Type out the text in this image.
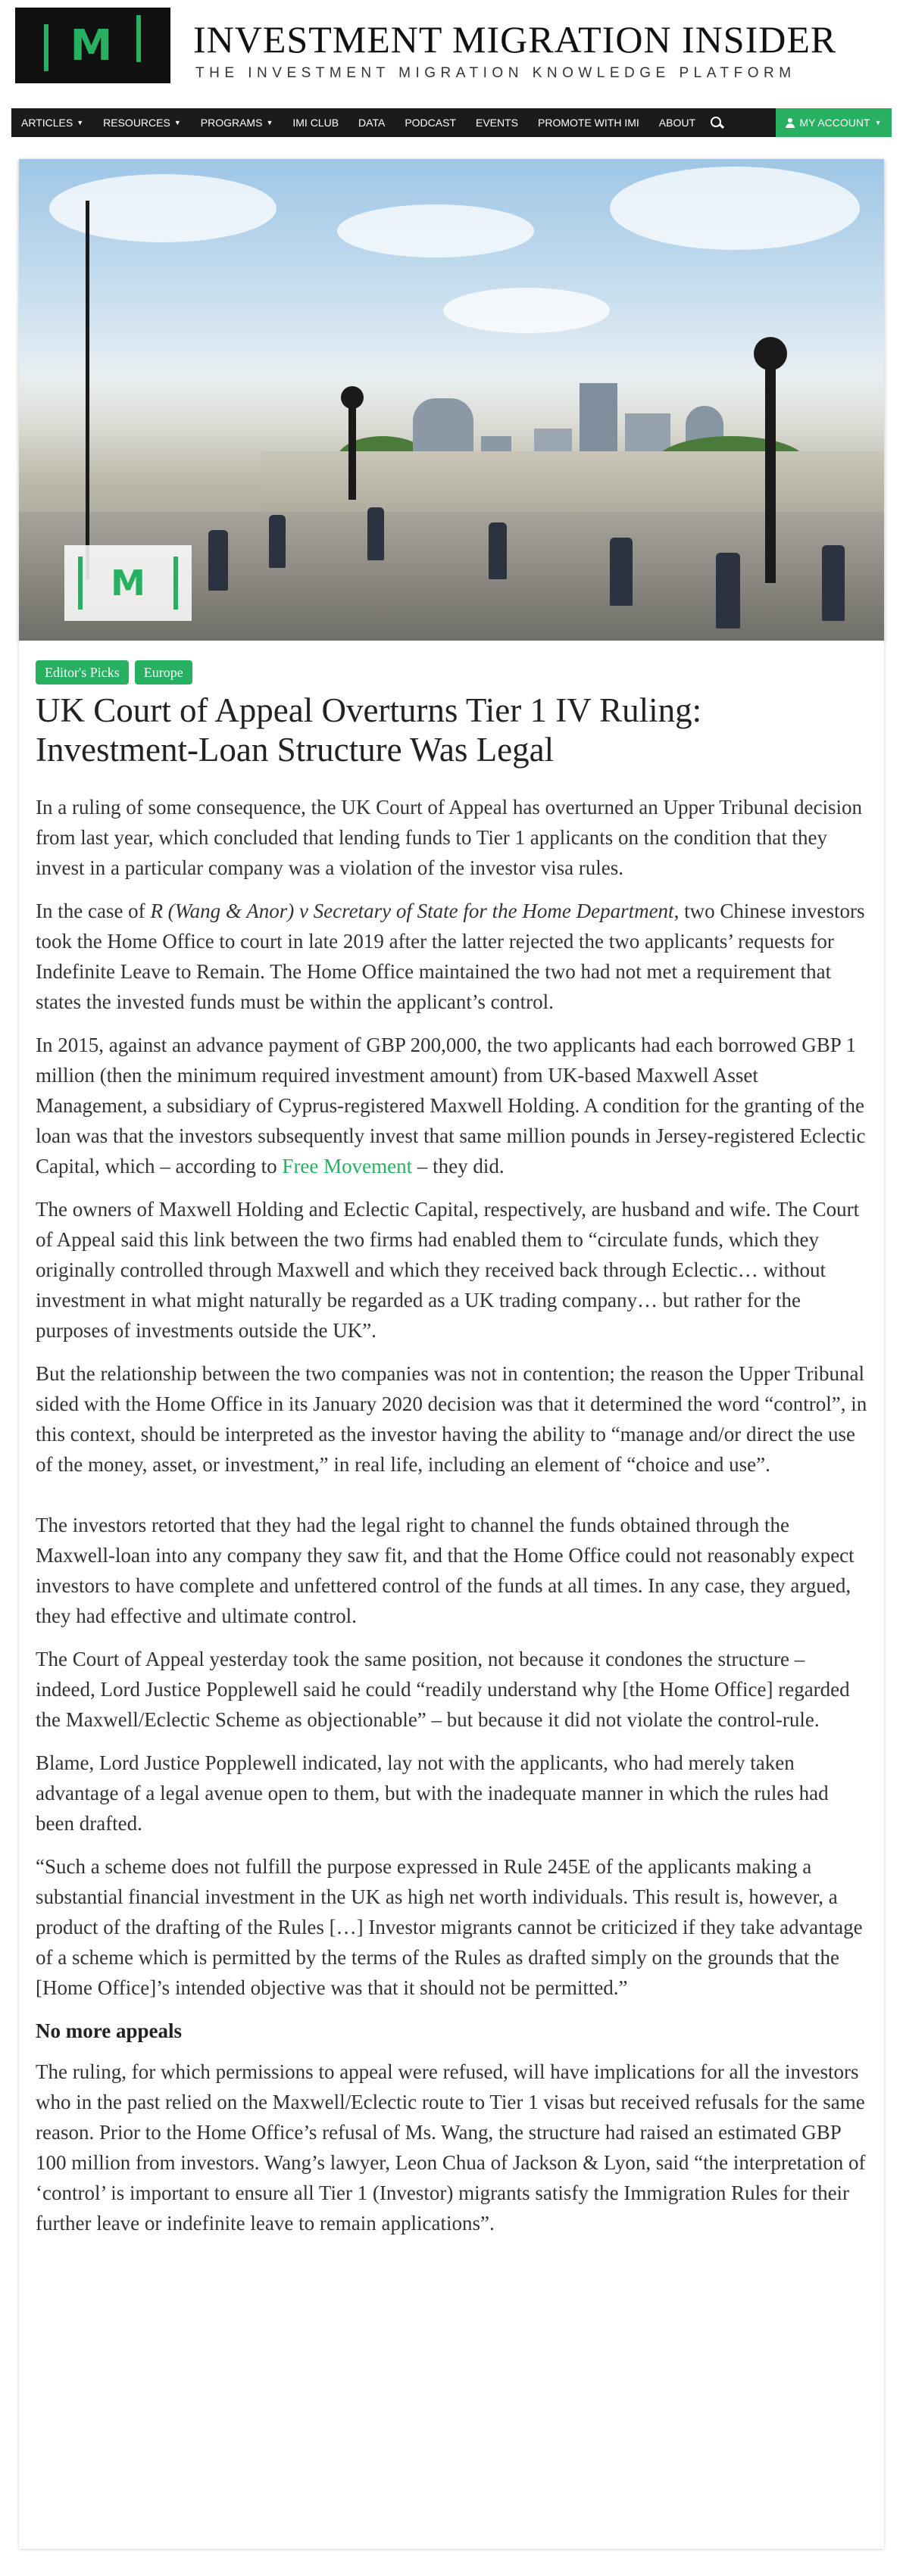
M INVESTMENT MIGRATION INSIDER
THE INVESTMENT MIGRATION KNOWLEDGE PLATFORM
ARTICLES ▼ RESOURCES ▼ PROGRAMS ▼ IMI CLUB DATA PODCAST EVENTS PROMOTE WITH IMI ABOUT	MY ACCOUNT ▼
M
Editor's Picks	Europe
UK Court of Appeal Overturns Tier 1 IV Ruling: Investment-Loan Structure Was Legal

In a ruling of some consequence, the UK Court of Appeal has overturned an Upper Tribunal decision from last year, which concluded that lending funds to Tier 1 applicants on the condition that they invest in a particular company was a violation of the investor visa rules.

In the case of R (Wang & Anor) v Secretary of State for the Home Department, two Chinese investors took the Home Office to court in late 2019 after the latter rejected the two applicants’ requests for Indefinite Leave to Remain. The Home Office maintained the two had not met a requirement that states the invested funds must be within the applicant’s control.

In 2015, against an advance payment of GBP 200,000, the two applicants had each borrowed GBP 1 million (then the minimum required investment amount) from UK-based Maxwell Asset Management, a subsidiary of Cyprus-registered Maxwell Holding. A condition for the granting of the loan was that the investors subsequently invest that same million pounds in Jersey-registered Eclectic Capital, which – according to Free Movement – they did.

The owners of Maxwell Holding and Eclectic Capital, respectively, are husband and wife. The Court of Appeal said this link between the two firms had enabled them to “circulate funds, which they originally controlled through Maxwell and which they received back through Eclectic… without investment in what might naturally be regarded as a UK trading company… but rather for the purposes of investments outside the UK”.

But the relationship between the two companies was not in contention; the reason the Upper Tribunal sided with the Home Office in its January 2020 decision was that it determined the word “control”, in this context, should be interpreted as the investor having the ability to “manage and/or direct the use of the money, asset, or investment,” in real life, including an element of “choice and use”.

The investors retorted that they had the legal right to channel the funds obtained through the Maxwell-loan into any company they saw fit, and that the Home Office could not reasonably expect investors to have complete and unfettered control of the funds at all times. In any case, they argued, they had effective and ultimate control.

The Court of Appeal yesterday took the same position, not because it condones the structure – indeed, Lord Justice Popplewell said he could “readily understand why [the Home Office] regarded the Maxwell/Eclectic Scheme as objectionable” – but because it did not violate the control-rule.

Blame, Lord Justice Popplewell indicated, lay not with the applicants, who had merely taken advantage of a legal avenue open to them, but with the inadequate manner in which the rules had been drafted.

“Such a scheme does not fulfill the purpose expressed in Rule 245E of the applicants making a substantial financial investment in the UK as high net worth individuals. This result is, however, a product of the drafting of the Rules […] Investor migrants cannot be criticized if they take advantage of a scheme which is permitted by the terms of the Rules as drafted simply on the grounds that the [Home Office]’s intended objective was that it should not be permitted.”

No more appeals

The ruling, for which permissions to appeal were refused, will have implications for all the investors who in the past relied on the Maxwell/Eclectic route to Tier 1 visas but received refusals for the same reason. Prior to the Home Office’s refusal of Ms. Wang, the structure had raised an estimated GBP 100 million from investors. Wang’s lawyer, Leon Chua of Jackson & Lyon, said “the interpretation of ‘control’ is important to ensure all Tier 1 (Investor) migrants satisfy the Immigration Rules for their further leave or indefinite leave to remain applications”.
